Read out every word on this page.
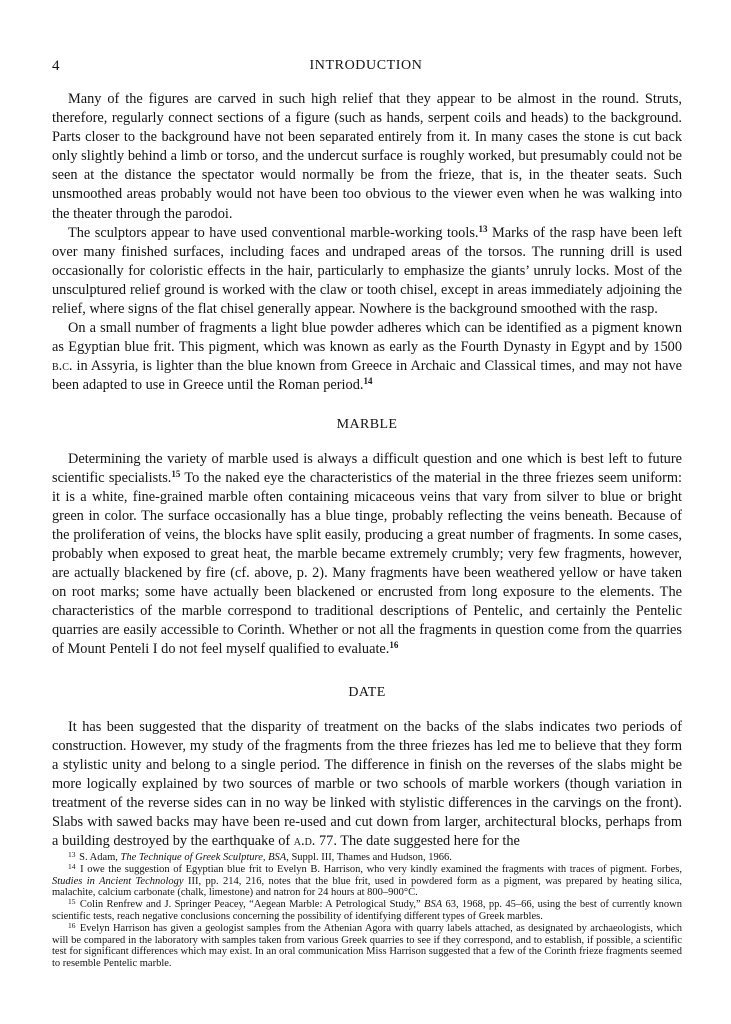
4	INTRODUCTION

Many of the figures are carved in such high relief that they appear to be almost in the round. Struts, therefore, regularly connect sections of a figure (such as hands, serpent coils and heads) to the background. Parts closer to the background have not been separated entirely from it. In many cases the stone is cut back only slightly behind a limb or torso, and the undercut surface is roughly worked, but presumably could not be seen at the distance the spectator would normally be from the frieze, that is, in the theater seats. Such unsmoothed areas probably would not have been too obvious to the viewer even when he was walking into the theater through the parodoi.

The sculptors appear to have used conventional marble-working tools.$^{13}$ Marks of the rasp have been left over many finished surfaces, including faces and undraped areas of the torsos. The running drill is used occasionally for coloristic effects in the hair, particularly to emphasize the giants’ unruly locks. Most of the unsculptured relief ground is worked with the claw or tooth chisel, except in areas immediately adjoining the relief, where signs of the flat chisel generally appear. Nowhere is the background smoothed with the rasp.

On a small number of fragments a light blue powder adheres which can be identified as a pigment known as Egyptian blue frit. This pigment, which was known as early as the Fourth Dynasty in Egypt and by 1500 b.c. in Assyria, is lighter than the blue known from Greece in Archaic and Classical times, and may not have been adapted to use in Greece until the Roman period.$^{14}$

MARBLE

Determining the variety of marble used is always a difficult question and one which is best left to future scientific specialists.$^{15}$ To the naked eye the characteristics of the material in the three friezes seem uniform: it is a white, fine-grained marble often containing micaceous veins that vary from silver to blue or bright green in color. The surface occasionally has a blue tinge, probably reflecting the veins beneath. Because of the proliferation of veins, the blocks have split easily, producing a great number of fragments. In some cases, probably when exposed to great heat, the marble became extremely crumbly; very few fragments, however, are actually blackened by fire (cf. above, p. 2). Many fragments have been weathered yellow or have taken on root marks; some have actually been blackened or encrusted from long exposure to the elements. The characteristics of the marble correspond to traditional descriptions of Pentelic, and certainly the Pentelic quarries are easily accessible to Corinth. Whether or not all the fragments in question come from the quarries of Mount Penteli I do not feel myself qualified to evaluate.$^{16}$

DATE

It has been suggested that the disparity of treatment on the backs of the slabs indicates two periods of construction. However, my study of the fragments from the three friezes has led me to believe that they form a stylistic unity and belong to a single period. The difference in finish on the reverses of the slabs might be more logically explained by two sources of marble or two schools of marble workers (though variation in treatment of the reverse sides can in no way be linked with stylistic differences in the carvings on the front). Slabs with sawed backs may have been re-used and cut down from larger, architectural blocks, perhaps from a building destroyed by the earthquake of a.d. 77. The date suggested here for the

$^{13}$ S. Adam, The Technique of Greek Sculpture, BSA, Suppl. III, Thames and Hudson, 1966.

$^{14}$ I owe the suggestion of Egyptian blue frit to Evelyn B. Harrison, who very kindly examined the fragments with traces of pigment. Forbes, Studies in Ancient Technology III, pp. 214, 216, notes that the blue frit, used in powdered form as a pigment, was prepared by heating silica, malachite, calcium carbonate (chalk, limestone) and natron for 24 hours at 800–900°C.

$^{15}$ Colin Renfrew and J. Springer Peacey, “Aegean Marble: A Petrological Study,” BSA 63, 1968, pp. 45–66, using the best of currently known scientific tests, reach negative conclusions concerning the possibility of identifying different types of Greek marbles.

$^{16}$ Evelyn Harrison has given a geologist samples from the Athenian Agora with quarry labels attached, as designated by archaeologists, which will be compared in the laboratory with samples taken from various Greek quarries to see if they correspond, and to establish, if possible, a scientific test for significant differences which may exist. In an oral communication Miss Harrison suggested that a few of the Corinth frieze fragments seemed to resemble Pentelic marble.
